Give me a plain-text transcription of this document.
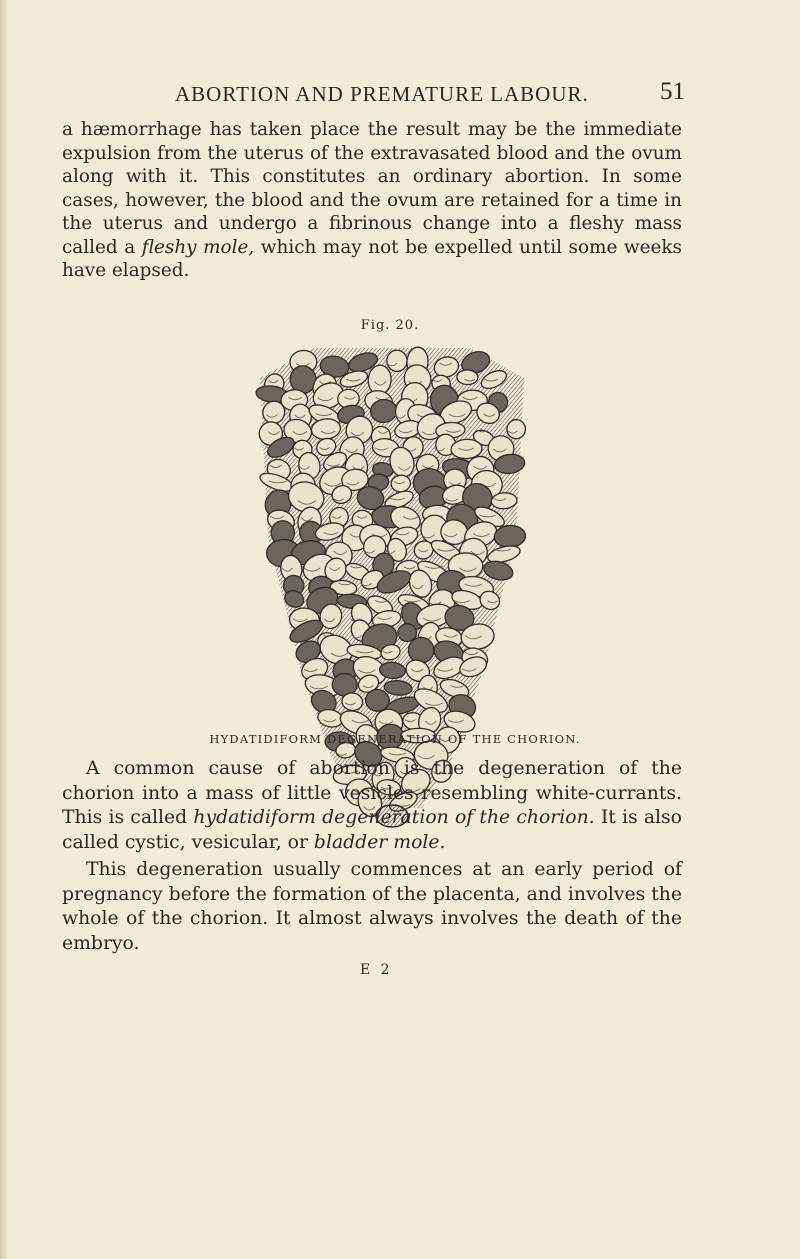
ABORTION AND PREMATURE LABOUR.	51

a hæmorrhage has taken place the result may be the immediate expulsion from the uterus of the extravasated blood and the ovum along with it. This constitutes an ordinary abortion. In some cases, however, the blood and the ovum are retained for a time in the uterus and undergo a fibrinous change into a fleshy mass called a fleshy mole, which may not be expelled until some weeks have elapsed.

Fig. 20.
HYDATIDIFORM DEGENERATION OF THE CHORION.

A common cause of abortion is the degeneration of the chorion into a mass of little vesicles resembling white-currants. This is called hydatidiform degeneration of the chorion. It is also called cystic, vesicular, or bladder mole.

This degeneration usually commences at an early period of pregnancy before the formation of the placenta, and involves the whole of the chorion. It almost always involves the death of the embryo.

E 2
